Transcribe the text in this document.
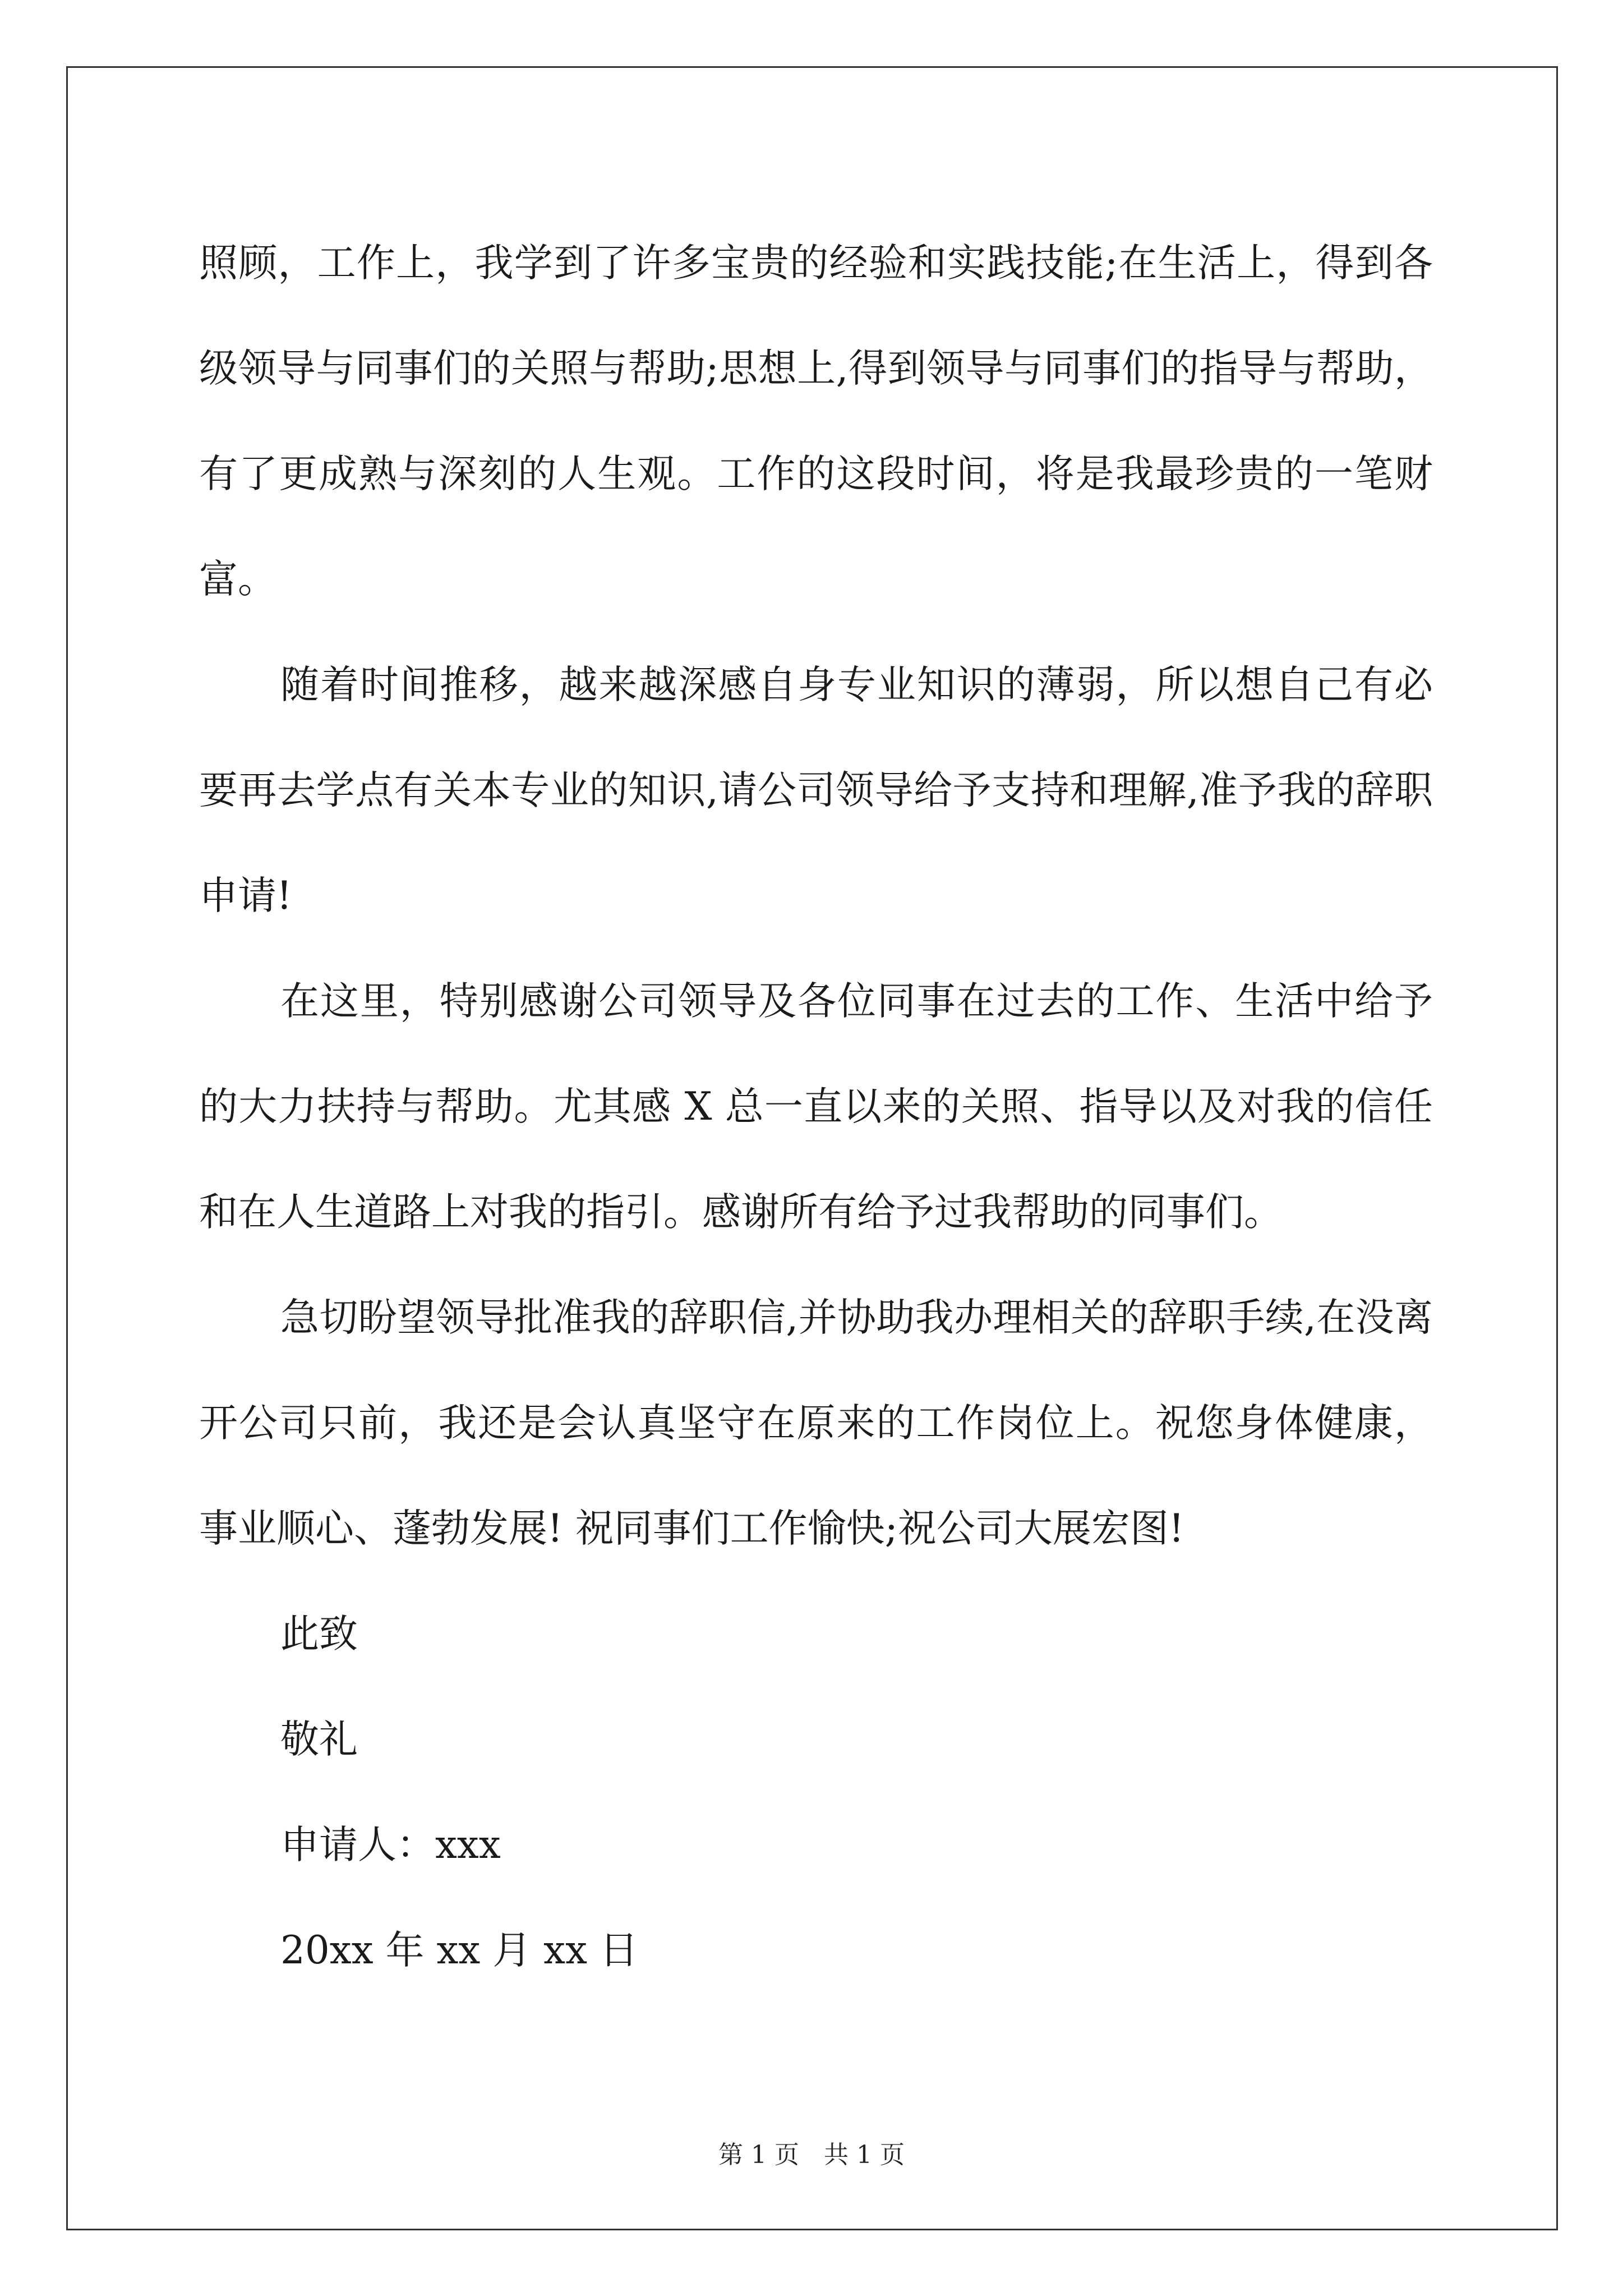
照顾，工作上，我学到了许多宝贵的经验和实践技能;在生活上，得到各级领导与同事们的关照与帮助;思想上,得到领导与同事们的指导与帮助，有了更成熟与深刻的人生观。工作的这段时间，将是我最珍贵的一笔财富。

随着时间推移，越来越深感自身专业知识的薄弱，所以想自己有必要再去学点有关本专业的知识,请公司领导给予支持和理解,准予我的辞职申请!

在这里，特别感谢公司领导及各位同事在过去的工作、生活中给予的大力扶持与帮助。尤其感 X 总一直以来的关照、指导以及对我的信任和在人生道路上对我的指引。感谢所有给予过我帮助的同事们。

急切盼望领导批准我的辞职信,并协助我办理相关的辞职手续,在没离开公司只前，我还是会认真坚守在原来的工作岗位上。祝您身体健康，事业顺心、蓬勃发展! 祝同事们工作愉快;祝公司大展宏图!

此致

敬礼

申请人：xxx

20xx 年 xx 月 xx 日

第 1 页 共 1 页
